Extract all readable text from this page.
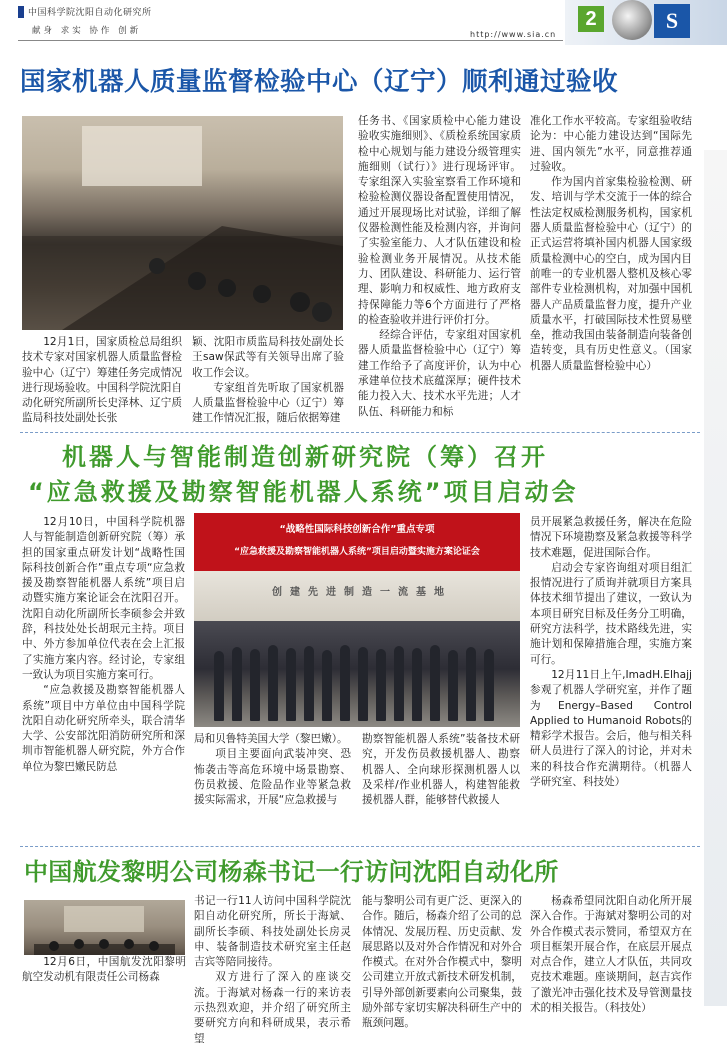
中国科学院沈阳自动化研究所
献身 求实 协作 创新	http://www.sia.cn
2	S
国家机器人质量监督检验中心（辽宁）顺利通过验收

12月1日，国家质检总局组织技术专家对国家机器人质量监督检验中心（辽宁）筹建任务完成情况进行现场验收。中国科学院沈阳自动化研究所副所长史泽林、辽宁质监局科技处副处长张

颖、沈阳市质监局科技处副处长王saw保武等有关领导出席了验收工作会议。

专家组首先听取了国家机器人质量监督检验中心（辽宁）筹建工作情况汇报，随后依据筹建

任务书、《国家质检中心能力建设验收实施细则》、《质检系统国家质检中心规划与能力建设分级管理实施细则（试行）》进行现场评审。专家组深入实验室察看工作环境和检验检测仪器设备配置使用情况，通过开展现场比对试验，详细了解仪器检测性能及检测内容，并询问了实验室能力、人才队伍建设和检验检测业务开展情况。从技术能力、团队建设、科研能力、运行管理、影响力和权威性、地方政府支持保障能力等6个方面进行了严格的检查验收并进行评价打分。

经综合评估，专家组对国家机器人质量监督检验中心（辽宁）筹建工作给予了高度评价，认为中心承建单位技术底蕴深厚；硬件技术能力投入大、技术水平先进；人才队伍、科研能力和标

准化工作水平较高。专家组验收结论为：中心能力建设达到“国际先进、国内领先”水平，同意推荐通过验收。

作为国内首家集检验检测、研发、培训与学术交流于一体的综合性法定权威检测服务机构，国家机器人质量监督检验中心（辽宁）的正式运营将填补国内机器人国家级质量检测中心的空白，成为国内目前唯一的专业机器人整机及核心零部件专业检测机构，对加强中国机器人产品质量监督力度，提升产业质量水平，打破国际技术性贸易壁垒，推动我国由装备制造向装备创造转变，具有历史性意义。（国家机器人质量监督检验中心）

机器人与智能制造创新研究院（筹）召开
“应急救援及勘察智能机器人系统”项目启动会
“战略性国际科技创新合作”重点专项
“应急救援及勘察智能机器人系统”项目启动暨实施方案论证会
创建先进制造一流基地

12月10日，中国科学院机器人与智能制造创新研究院（筹）承担的国家重点研发计划“战略性国际科技创新合作”重点专项“应急救援及勘察智能机器人系统”项目启动暨实施方案论证会在沈阳召开。沈阳自动化所副所长李硕参会并致辞，科技处处长胡珉元主持。项目中、外方参加单位代表在会上汇报了实施方案内容。经讨论，专家组一致认为项目实施方案可行。

“应急救援及勘察智能机器人系统”项目中方单位由中国科学院沈阳自动化研究所牵头，联合清华大学、公安部沈阳消防研究所和深圳市智能机器人研究院，外方合作单位为黎巴嫩民防总

局和贝鲁特美国大学（黎巴嫩）。

项目主要面向武装冲突、恐怖袭击等高危环境中场景勘察、伤员救援、危险品作业等紧急救援实际需求，开展“应急救援与

勘察智能机器人系统”装备技术研究，开发伤员救援机器人、勘察机器人、全向球形探测机器人以及采样/作业机器人，构建智能救援机器人群，能够替代救援人

员开展紧急救援任务，解决在危险情况下环境勘察及紧急救援等科学技术难题，促进国际合作。

启动会专家咨询组对项目组汇报情况进行了质询并就项目方案具体技术细节提出了建议，一致认为本项目研究目标及任务分工明确，研究方法科学，技术路线先进，实施计划和保障措施合理，实施方案可行。

12月11日上午,ImadH.Elhajj参观了机器人学研究室，并作了题为Energy–Based Control Applied to Humanoid Robots的精彩学术报告。会后，他与相关科研人员进行了深入的讨论，并对未来的科技合作充满期待。（机器人学研究室、科技处）

中国航发黎明公司杨森书记一行访问沈阳自动化所

12月6日，中国航发沈阳黎明航空发动机有限责任公司杨森

书记一行11人访问中国科学院沈阳自动化研究所，所长于海斌、副所长李硕、科技处副处长房灵申、装备制造技术研究室主任赵吉宾等陪同接待。

双方进行了深入的座谈交流。于海斌对杨森一行的来访表示热烈欢迎，并介绍了研究所主要研究方向和科研成果，表示希望

能与黎明公司有更广泛、更深入的合作。随后，杨森介绍了公司的总体情况、发展历程、历史贡献、发展思路以及对外合作情况和对外合作模式。在对外合作模式中，黎明公司建立开放式新技术研发机制，引导外部创新要素向公司聚集，鼓励外部专家切实解决科研生产中的瓶颈问题。

杨森希望同沈阳自动化所开展深入合作。于海斌对黎明公司的对外合作模式表示赞同，希望双方在项目框架开展合作，在底层开展点对点合作，建立人才队伍，共同攻克技术难题。座谈期间，赵吉宾作了激光冲击强化技术及导管测量技术的相关报告。（科技处）
